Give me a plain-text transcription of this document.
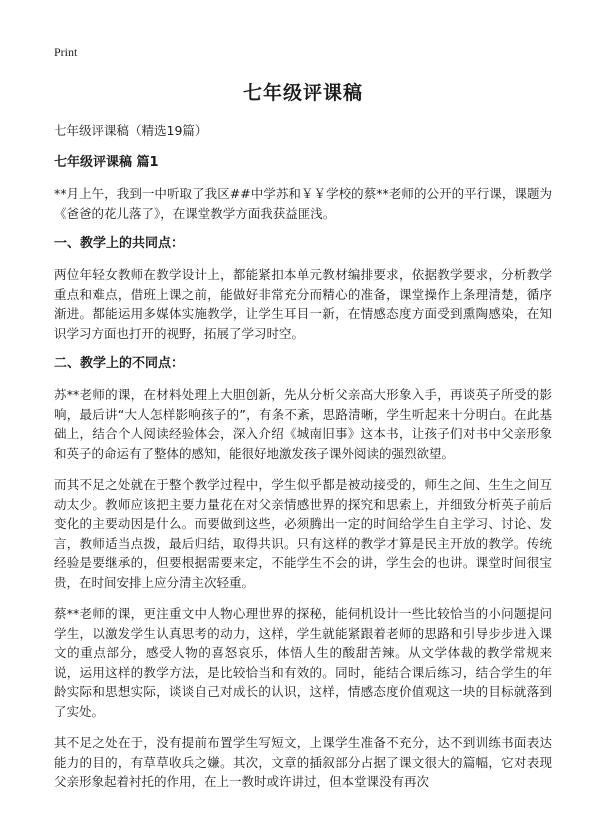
Print
七年级评课稿
七年级评课稿（精选19篇）
七年级评课稿 篇1
**月上午，我到一中听取了我区##中学苏和￥￥学校的蔡**老师的公开的平行课，课题为《爸爸的花儿落了》，在课堂教学方面我获益匪浅。
一、教学上的共同点：
两位年轻女教师在教学设计上，都能紧扣本单元教材编排要求，依据教学要求，分析教学重点和难点，借班上课之前，能做好非常充分而精心的准备，课堂操作上条理清楚，循序渐进。都能运用多媒体实施教学，让学生耳目一新，在情感态度方面受到熏陶感染，在知识学习方面也打开的视野，拓展了学习时空。
二、教学上的不同点：
苏**老师的课，在材料处理上大胆创新，先从分析父亲高大形象入手，再谈英子所受的影响，最后讲“大人怎样影响孩子的”，有条不紊，思路清晰，学生听起来十分明白。在此基础上，结合个人阅读经验体会，深入介绍《城南旧事》这本书，让孩子们对书中父亲形象和英子的命运有了整体的感知，能很好地激发孩子课外阅读的强烈欲望。
而其不足之处就在于整个教学过程中，学生似乎都是被动接受的，师生之间、生生之间互动太少。教师应该把主要力量花在对父亲情感世界的探究和思索上，并细致分析英子前后变化的主要动因是什么。而要做到这些，必须腾出一定的时间给学生自主学习、讨论、发言，教师适当点拨，最后归结，取得共识。只有这样的教学才算是民主开放的教学。传统经验是要继承的，但要根据需要来定，不能学生不会的讲，学生会的也讲。课堂时间很宝贵，在时间安排上应分清主次轻重。
蔡**老师的课，更注重文中人物心理世界的探秘，能伺机设计一些比较恰当的小问题提问学生，以激发学生认真思考的动力，这样，学生就能紧跟着老师的思路和引导步步进入课文的重点部分，感受人物的喜怒哀乐，体悟人生的酸甜苦辣。从文学体裁的教学常规来说，运用这样的教学方法，是比较恰当和有效的。同时，能结合课后练习，结合学生的年龄实际和思想实际，谈谈自己对成长的认识，这样，情感态度价值观这一块的目标就落到了实处。
其不足之处在于，没有提前布置学生写短文，上课学生准备不充分，达不到训练书面表达能力的目的，有草草收兵之嫌。其次，文章的插叙部分占据了课文很大的篇幅，它对表现父亲形象起着衬托的作用，在上一教时或许讲过，但本堂课没有再次
